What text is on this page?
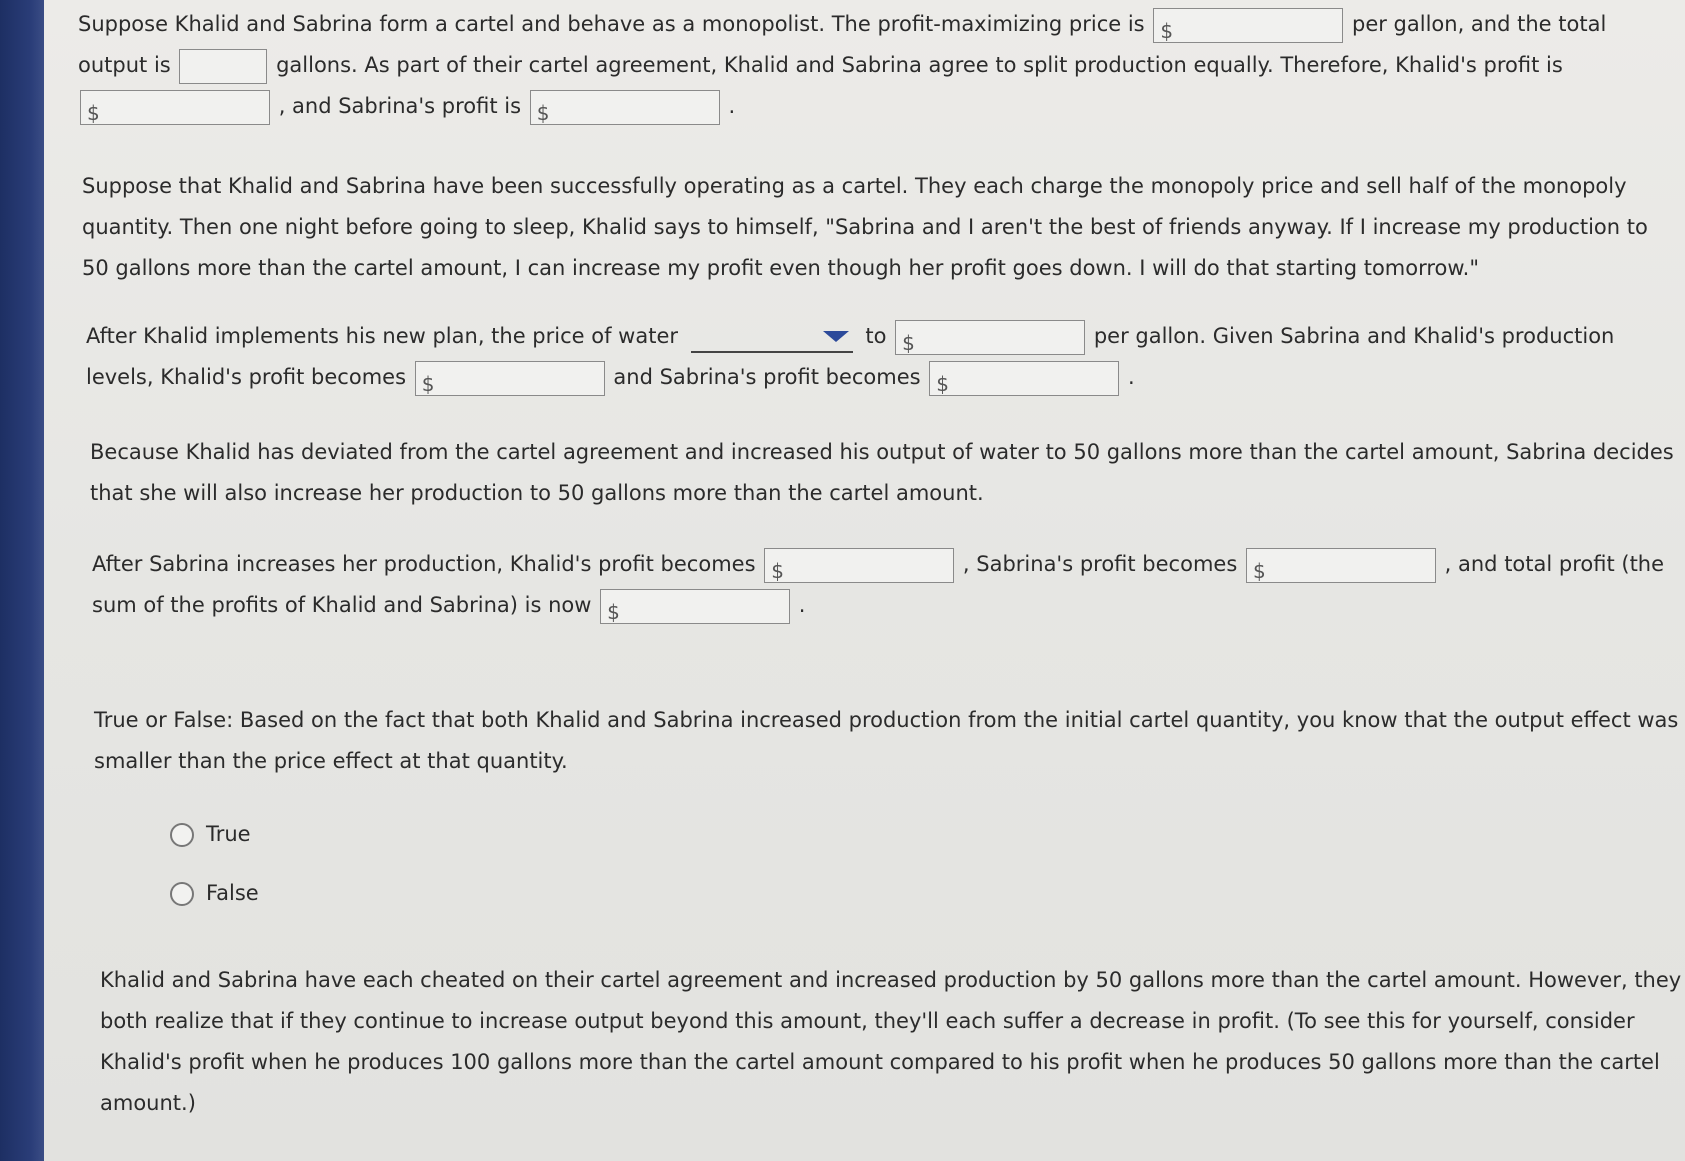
Suppose Khalid and Sabrina form a cartel and behave as a monopolist. The profit-maximizing price is $	per gallon, and the total
output is	gallons. As part of their cartel agreement, Khalid and Sabrina agree to split production equally. Therefore, Khalid's profit is
$	, and Sabrina's profit is $	.
Suppose that Khalid and Sabrina have been successfully operating as a cartel. They each charge the monopoly price and sell half of the monopoly
quantity. Then one night before going to sleep, Khalid says to himself, "Sabrina and I aren't the best of friends anyway. If I increase my production to
50 gallons more than the cartel amount, I can increase my profit even though her profit goes down. I will do that starting tomorrow."
After Khalid implements his new plan, the price of water	to $	per gallon. Given Sabrina and Khalid's production
levels, Khalid's profit becomes $	and Sabrina's profit becomes $	.
Because Khalid has deviated from the cartel agreement and increased his output of water to 50 gallons more than the cartel amount, Sabrina decides
that she will also increase her production to 50 gallons more than the cartel amount.
After Sabrina increases her production, Khalid's profit becomes $	, Sabrina's profit becomes $	, and total profit (the
sum of the profits of Khalid and Sabrina) is now $	.
True or False: Based on the fact that both Khalid and Sabrina increased production from the initial cartel quantity, you know that the output effect was
smaller than the price effect at that quantity.
True
False
Khalid and Sabrina have each cheated on their cartel agreement and increased production by 50 gallons more than the cartel amount. However, they
both realize that if they continue to increase output beyond this amount, they'll each suffer a decrease in profit. (To see this for yourself, consider
Khalid's profit when he produces 100 gallons more than the cartel amount compared to his profit when he produces 50 gallons more than the cartel
amount.)
